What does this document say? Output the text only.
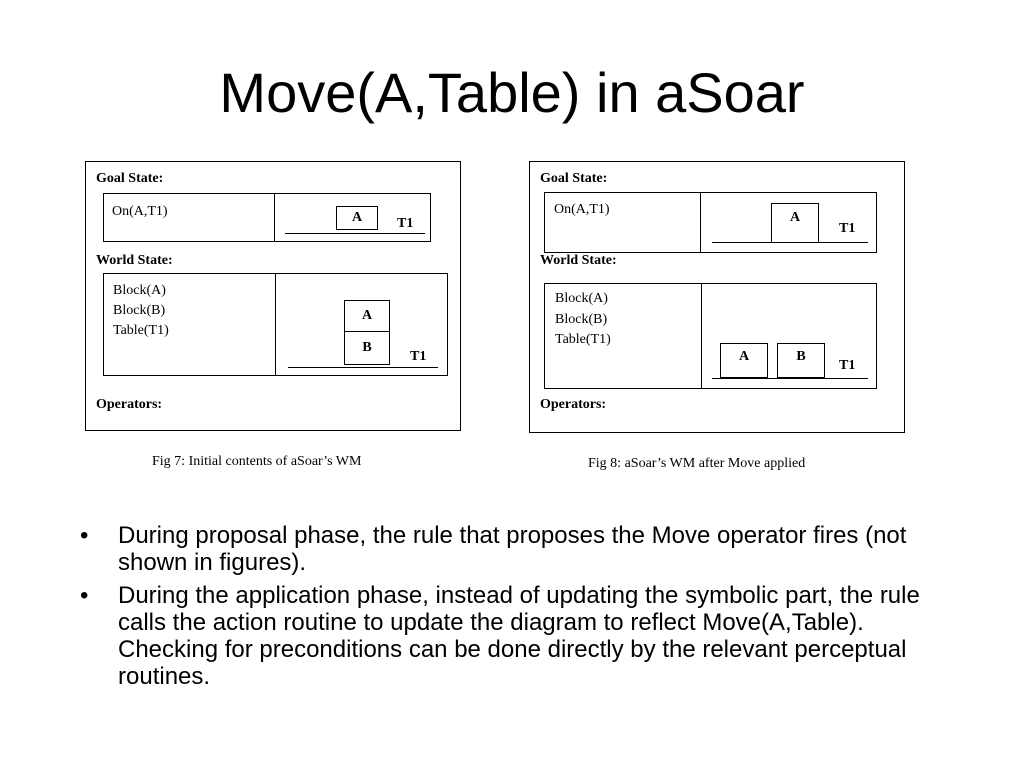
Move(A,Table) in aSoar
Goal State:
On(A,T1)	A	T1
World State:
Block(A)
Block(B)
Table(T1)
A
B
T1
Operators:
Fig 7: Initial contents of aSoar’s WM
Goal State:
On(A,T1)
A
T1
World State:
Block(A)
Block(B)
Table(T1)
A	B
T1
Operators:
Fig 8: aSoar’s WM after Move applied
•	During proposal phase, the rule that proposes the Move operator fires (not shown in figures).
•	During the application phase, instead of updating the symbolic part, the rule calls the action routine to update the diagram to reflect Move(A,Table). Checking for preconditions can be done directly by the relevant perceptual routines.
